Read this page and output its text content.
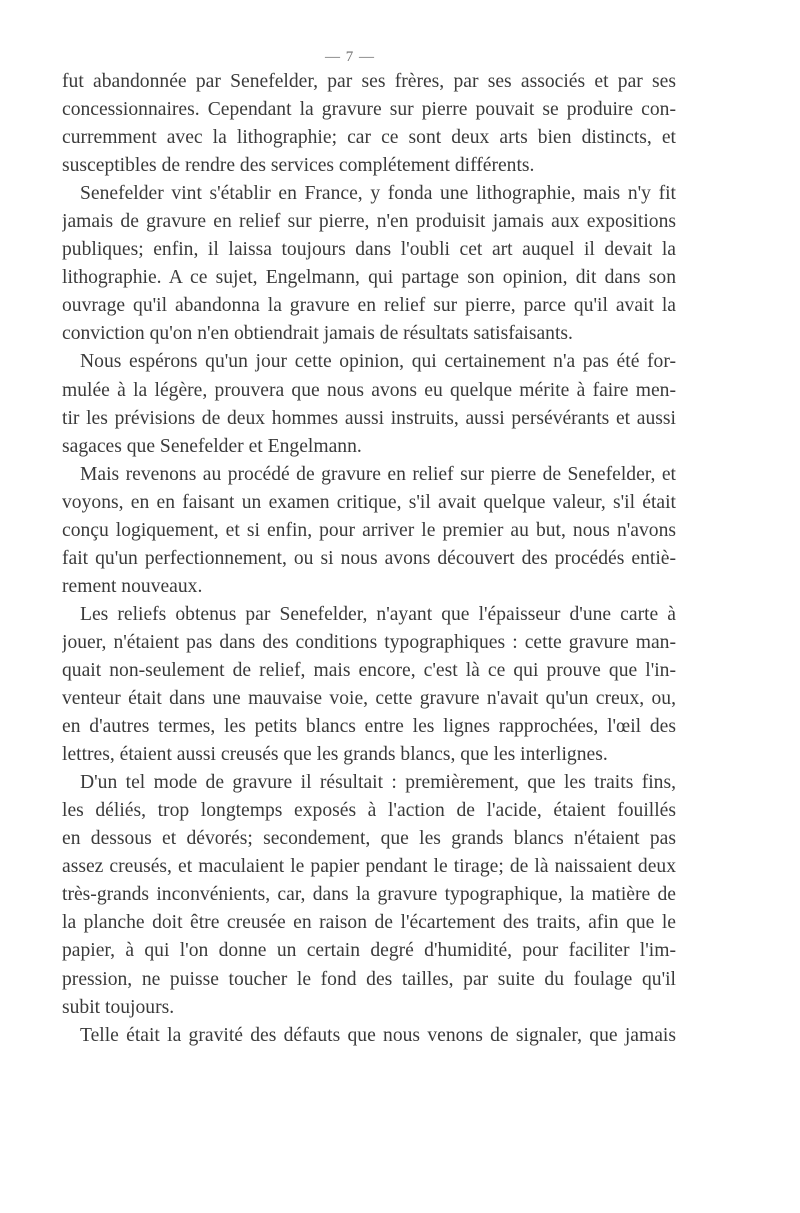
— 7 —
fut abandonnée par Senefelder, par ses frères, par ses associés et par ses
concessionnaires. Cependant la gravure sur pierre pouvait se produire con-
curremment avec la lithographie; car ce sont deux arts bien distincts, et
susceptibles de rendre des services complétement différents.
Senefelder vint s'établir en France, y fonda une lithographie, mais n'y fit
jamais de gravure en relief sur pierre, n'en produisit jamais aux expositions
publiques; enfin, il laissa toujours dans l'oubli cet art auquel il devait la
lithographie. A ce sujet, Engelmann, qui partage son opinion, dit dans son
ouvrage qu'il abandonna la gravure en relief sur pierre, parce qu'il avait la
conviction qu'on n'en obtiendrait jamais de résultats satisfaisants.
Nous espérons qu'un jour cette opinion, qui certainement n'a pas été for-
mulée à la légère, prouvera que nous avons eu quelque mérite à faire men-
tir les prévisions de deux hommes aussi instruits, aussi persévérants et aussi
sagaces que Senefelder et Engelmann.
Mais revenons au procédé de gravure en relief sur pierre de Senefelder, et
voyons, en en faisant un examen critique, s'il avait quelque valeur, s'il était
conçu logiquement, et si enfin, pour arriver le premier au but, nous n'avons
fait qu'un perfectionnement, ou si nous avons découvert des procédés entiè-
rement nouveaux.
Les reliefs obtenus par Senefelder, n'ayant que l'épaisseur d'une carte à
jouer, n'étaient pas dans des conditions typographiques : cette gravure man-
quait non-seulement de relief, mais encore, c'est là ce qui prouve que l'in-
venteur était dans une mauvaise voie, cette gravure n'avait qu'un creux, ou,
en d'autres termes, les petits blancs entre les lignes rapprochées, l'œil des
lettres, étaient aussi creusés que les grands blancs, que les interlignes.
D'un tel mode de gravure il résultait : premièrement, que les traits fins,
les déliés, trop longtemps exposés à l'action de l'acide, étaient fouillés
en dessous et dévorés; secondement, que les grands blancs n'étaient pas
assez creusés, et maculaient le papier pendant le tirage; de là naissaient deux
très-grands inconvénients, car, dans la gravure typographique, la matière de
la planche doit être creusée en raison de l'écartement des traits, afin que le
papier, à qui l'on donne un certain degré d'humidité, pour faciliter l'im-
pression, ne puisse toucher le fond des tailles, par suite du foulage qu'il
subit toujours.
Telle était la gravité des défauts que nous venons de signaler, que jamais
